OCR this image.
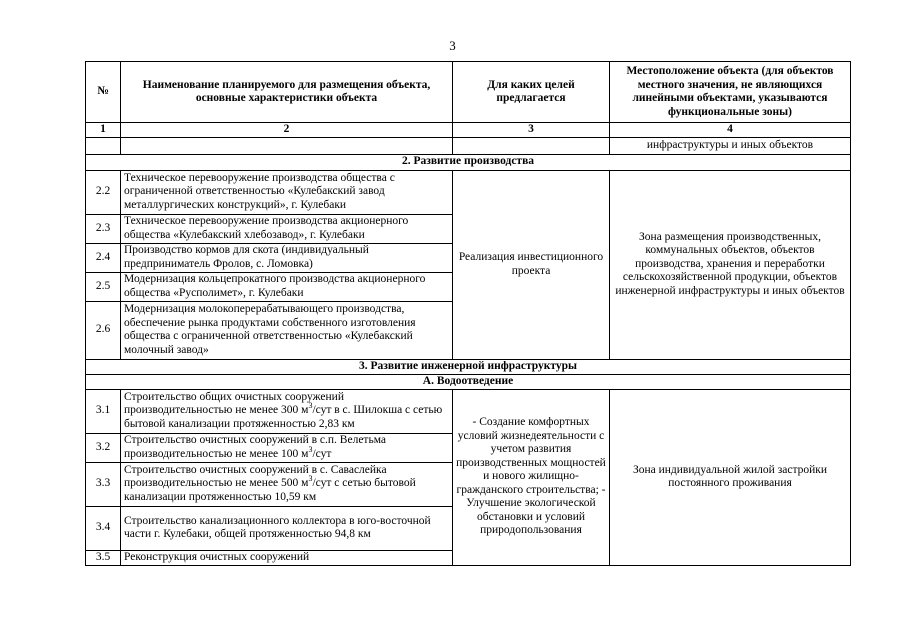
3
№	Наименование планируемого для размещения объекта, основные характеристики объекта	Для каких целей предлагается	Местоположение объекта (для объектов местного значения, не являющихся линейными объектами, указываются функциональные зоны)
1	2	3	4
			инфраструктуры и иных объектов
2. Развитие производства			
2.2	Техническое перевооружение производства общества с ограниченной ответственностью «Кулебакский завод металлургических конструкций», г. Кулебаки	Реализация инвестиционного проекта	Зона размещения производственных, коммунальных объектов, объектов производства, хранения и переработки сельскохозяйственной продукции, объектов инженерной инфраструктуры и иных объектов
2.3	Техническое перевооружение производства акционерного общества «Кулебакский хлебозавод», г. Кулебаки		
2.4	Производство кормов для скота (индивидуальный предприниматель Фролов, с. Ломовка)		
2.5	Модернизация кольцепрокатного производства акционерного общества «Русполимет», г. Кулебаки		
2.6	Модернизация молокоперерабатывающего производства, обеспечение рынка продуктами собственного изготовления общества с ограниченной ответственностью «Кулебакский молочный завод»		
3. Развитие инженерной инфраструктуры			
А. Водоотведение			
3.1	Строительство общих очистных сооружений производительностью не менее 300 $м^3$/сут в с. Шилокша с сетью бытовой канализации протяженностью 2,83 км	- Создание комфортных условий жизнедеятельности с учетом развития производственных мощностей и нового жилищно- гражданского строительства; - Улучшение экологической обстановки и условий природопользования	Зона индивидуальной жилой застройки постоянного проживания
3.2	Строительство очистных сооружений в с.п. Велетьма производительностью не менее 100 $м^3$/сут		
3.3	Строительство очистных сооружений в с. Саваслейка производительностью не менее 500 $м^3$/сут с сетью бытовой канализации протяженностью 10,59 км		
3.4	Строительство канализационного коллектора в юго-восточной части г. Кулебаки, общей протяженностью 94,8 км		
3.5	Реконструкция очистных сооружений		
